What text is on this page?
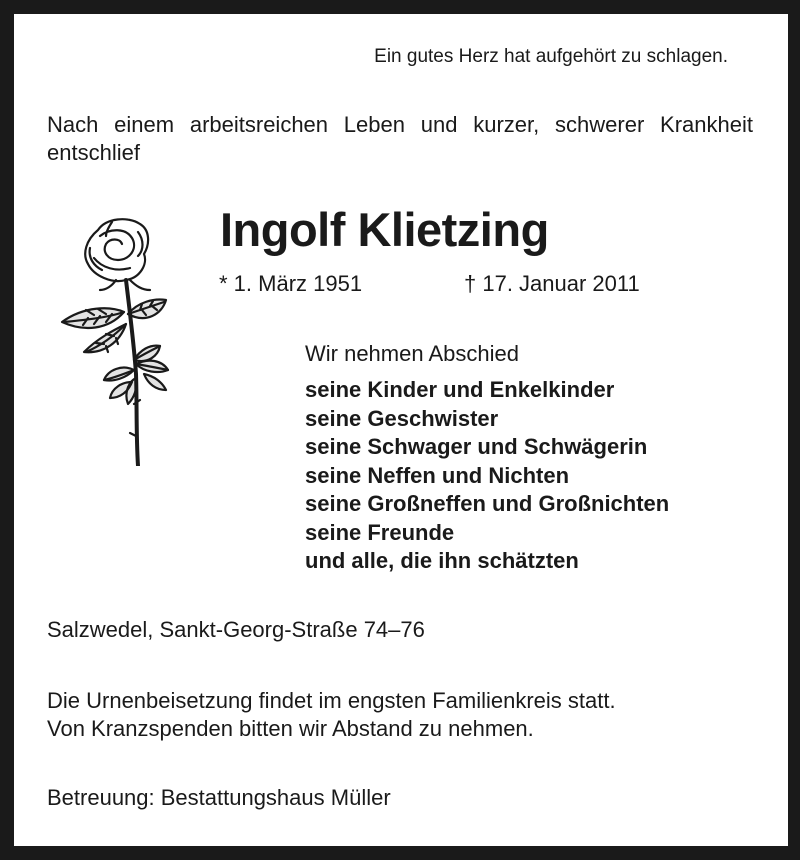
Ein gutes Herz hat aufgehört zu schlagen.

Nach einem arbeitsreichen Leben und kurzer, schwerer Krankheit entschlief

Ingolf Klietzing

* 1. März 1951	† 17. Januar 2011

Wir nehmen Abschied

seine Kinder und Enkelkinder
seine Geschwister
seine Schwager und Schwägerin
seine Neffen und Nichten
seine Großneffen und Großnichten
seine Freunde
und alle, die ihn schätzten

Salzwedel, Sankt-Georg-Straße 74–76

Die Urnenbeisetzung findet im engsten Familienkreis statt.
Von Kranzspenden bitten wir Abstand zu nehmen.

Betreuung: Bestattungshaus Müller
